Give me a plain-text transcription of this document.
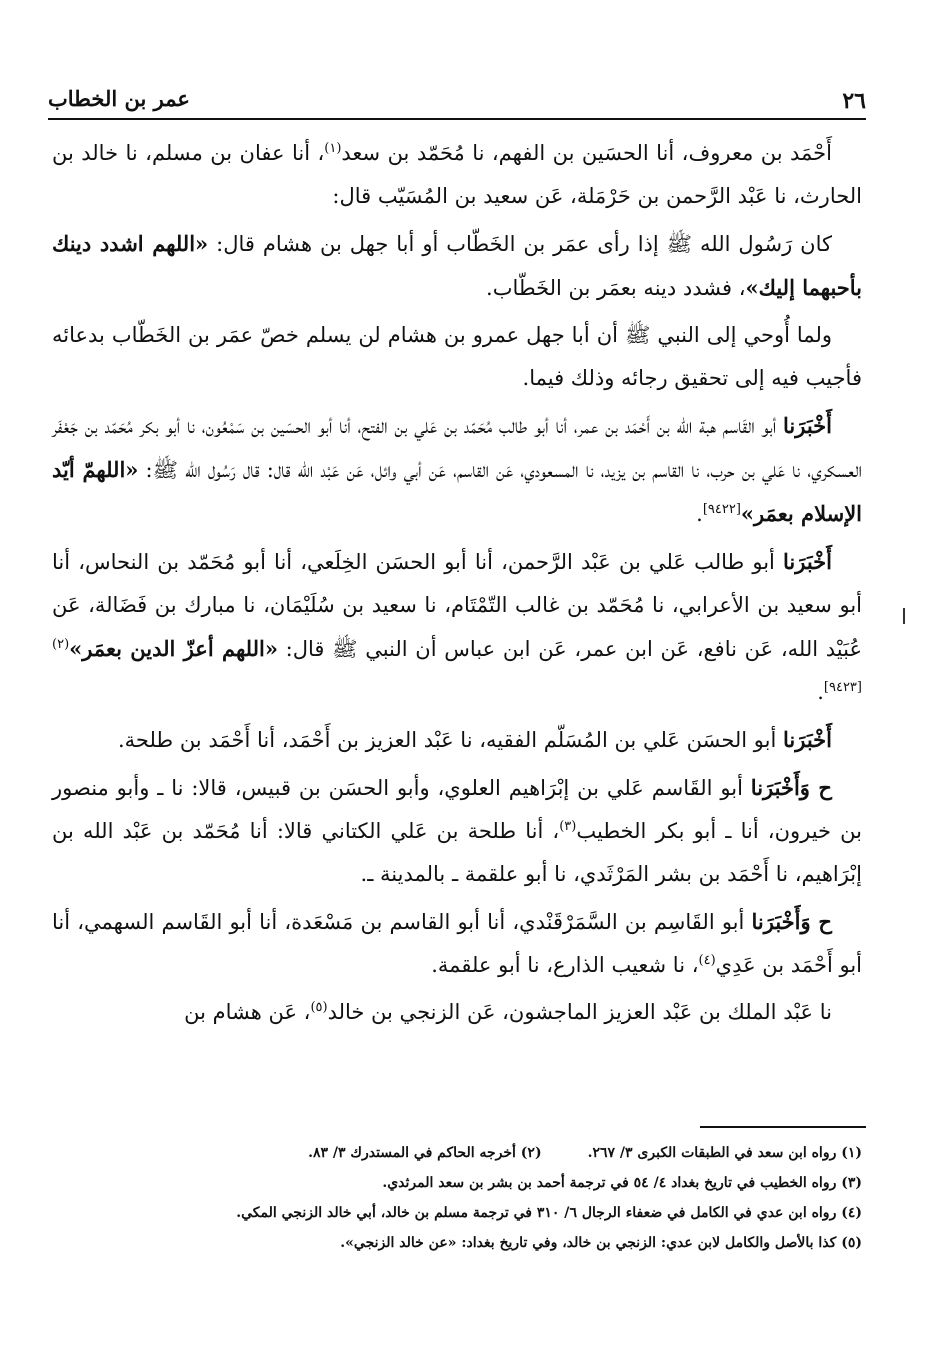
٢٦
عمر بن الخطاب

أَحْمَد بن معروف، أنا الحسَين بن الفهم، نا مُحَمّد بن سعد$^{(١)}$، أنا عفان بن مسلم، نا خالد بن الحارث، نا عَبْد الرَّحمن بن حَرْمَلة، عَن سعيد بن المُسَيّب قال:

كان رَسُول الله ﷺ إذا رأى عمَر بن الخَطّاب أو أبا جهل بن هشام قال: «اللهم اشدد دينك بأحبهما إليك»، فشدد دينه بعمَر بن الخَطّاب.

ولما أُوحي إلى النبي ﷺ أن أبا جهل عمرو بن هشام لن يسلم خصّ عمَر بن الخَطّاب بدعائه فأجيب فيه إلى تحقيق رجائه وذلك فيما.

أَخْبَرَنا أبو القَاسم هبة الله بن أَحْمَد بن عمر، أنا أبو طالب مُحَمّد بن عَلي بن الفتح، أنا أبو الحسَين بن سَمْعُون، نا أبو بكر مُحَمّد بن جَعْفَر العسكري، نا عَلي بن حرب، نا القاسم بن يزيد، نا المسعودي، عَن القاسم، عَن أبي وائل، عَن عَبْد الله قال: قال رَسُول الله ﷺ: «اللهمّ أيّد الإسلام بعمَر»[٩٤٢٢].

أَخْبَرَنا أبو طالب عَلي بن عَبْد الرَّحمن، أنا أبو الحسَن الخِلَعي، أنا أبو مُحَمّد بن النحاس، أنا أبو سعيد بن الأعرابي، نا مُحَمّد بن غالب التّمْتَام، نا سعيد بن سُلَيْمَان، نا مبارك بن فَضَالة، عَن عُبَيْد الله، عَن نافع، عَن ابن عمر، عَن ابن عباس أن النبي ﷺ قال: «اللهم أعزّ الدين بعمَر»$^{(٢)[٩٤٢٣]}$.

أَخْبَرَنا أبو الحسَن عَلي بن المُسَلّم الفقيه، نا عَبْد العزيز بن أَحْمَد، أنا أَحْمَد بن طلحة.

ح وَأَخْبَرَنا أبو القَاسم عَلي بن إبْرَاهيم العلوي، وأبو الحسَن بن قبيس، قالا: نا ـ وأبو منصور بن خيرون، أنا ـ أبو بكر الخطيب$^{(٣)}$، أنا طلحة بن عَلي الكتاني قالا: أنا مُحَمّد بن عَبْد الله بن إبْرَاهيم، نا أَحْمَد بن بشر المَرْثَدي، نا أبو علقمة ـ بالمدينة ـ.

ح وَأَخْبَرَنا أبو القَاسِم بن السَّمَرْقَنْدي، أنا أبو القاسم بن مَسْعَدة، أنا أبو القَاسم السهمي، أنا أبو أَحْمَد بن عَدِي$^{(٤)}$، نا شعيب الذارع، نا أبو علقمة.

نا عَبْد الملك بن عَبْد العزيز الماجشون، عَن الزنجي بن خالد$^{(٥)}$، عَن هشام بن

(١) رواه ابن سعد في الطبقات الكبرى ٣/ ٢٦٧.(٢) أخرجه الحاكم في المستدرك ٣/ ٨٣.
(٣) رواه الخطيب في تاريخ بغداد ٤/ ٥٤ في ترجمة أحمد بن بشر بن سعد المرثدي.
(٤) رواه ابن عدي في الكامل في ضعفاء الرجال ٦/ ٣١٠ في ترجمة مسلم بن خالد، أبي خالد الزنجي المكي.
(٥) كذا بالأصل والكامل لابن عدي: الزنجي بن خالد، وفي تاريخ بغداد: «عن خالد الزنجي».
